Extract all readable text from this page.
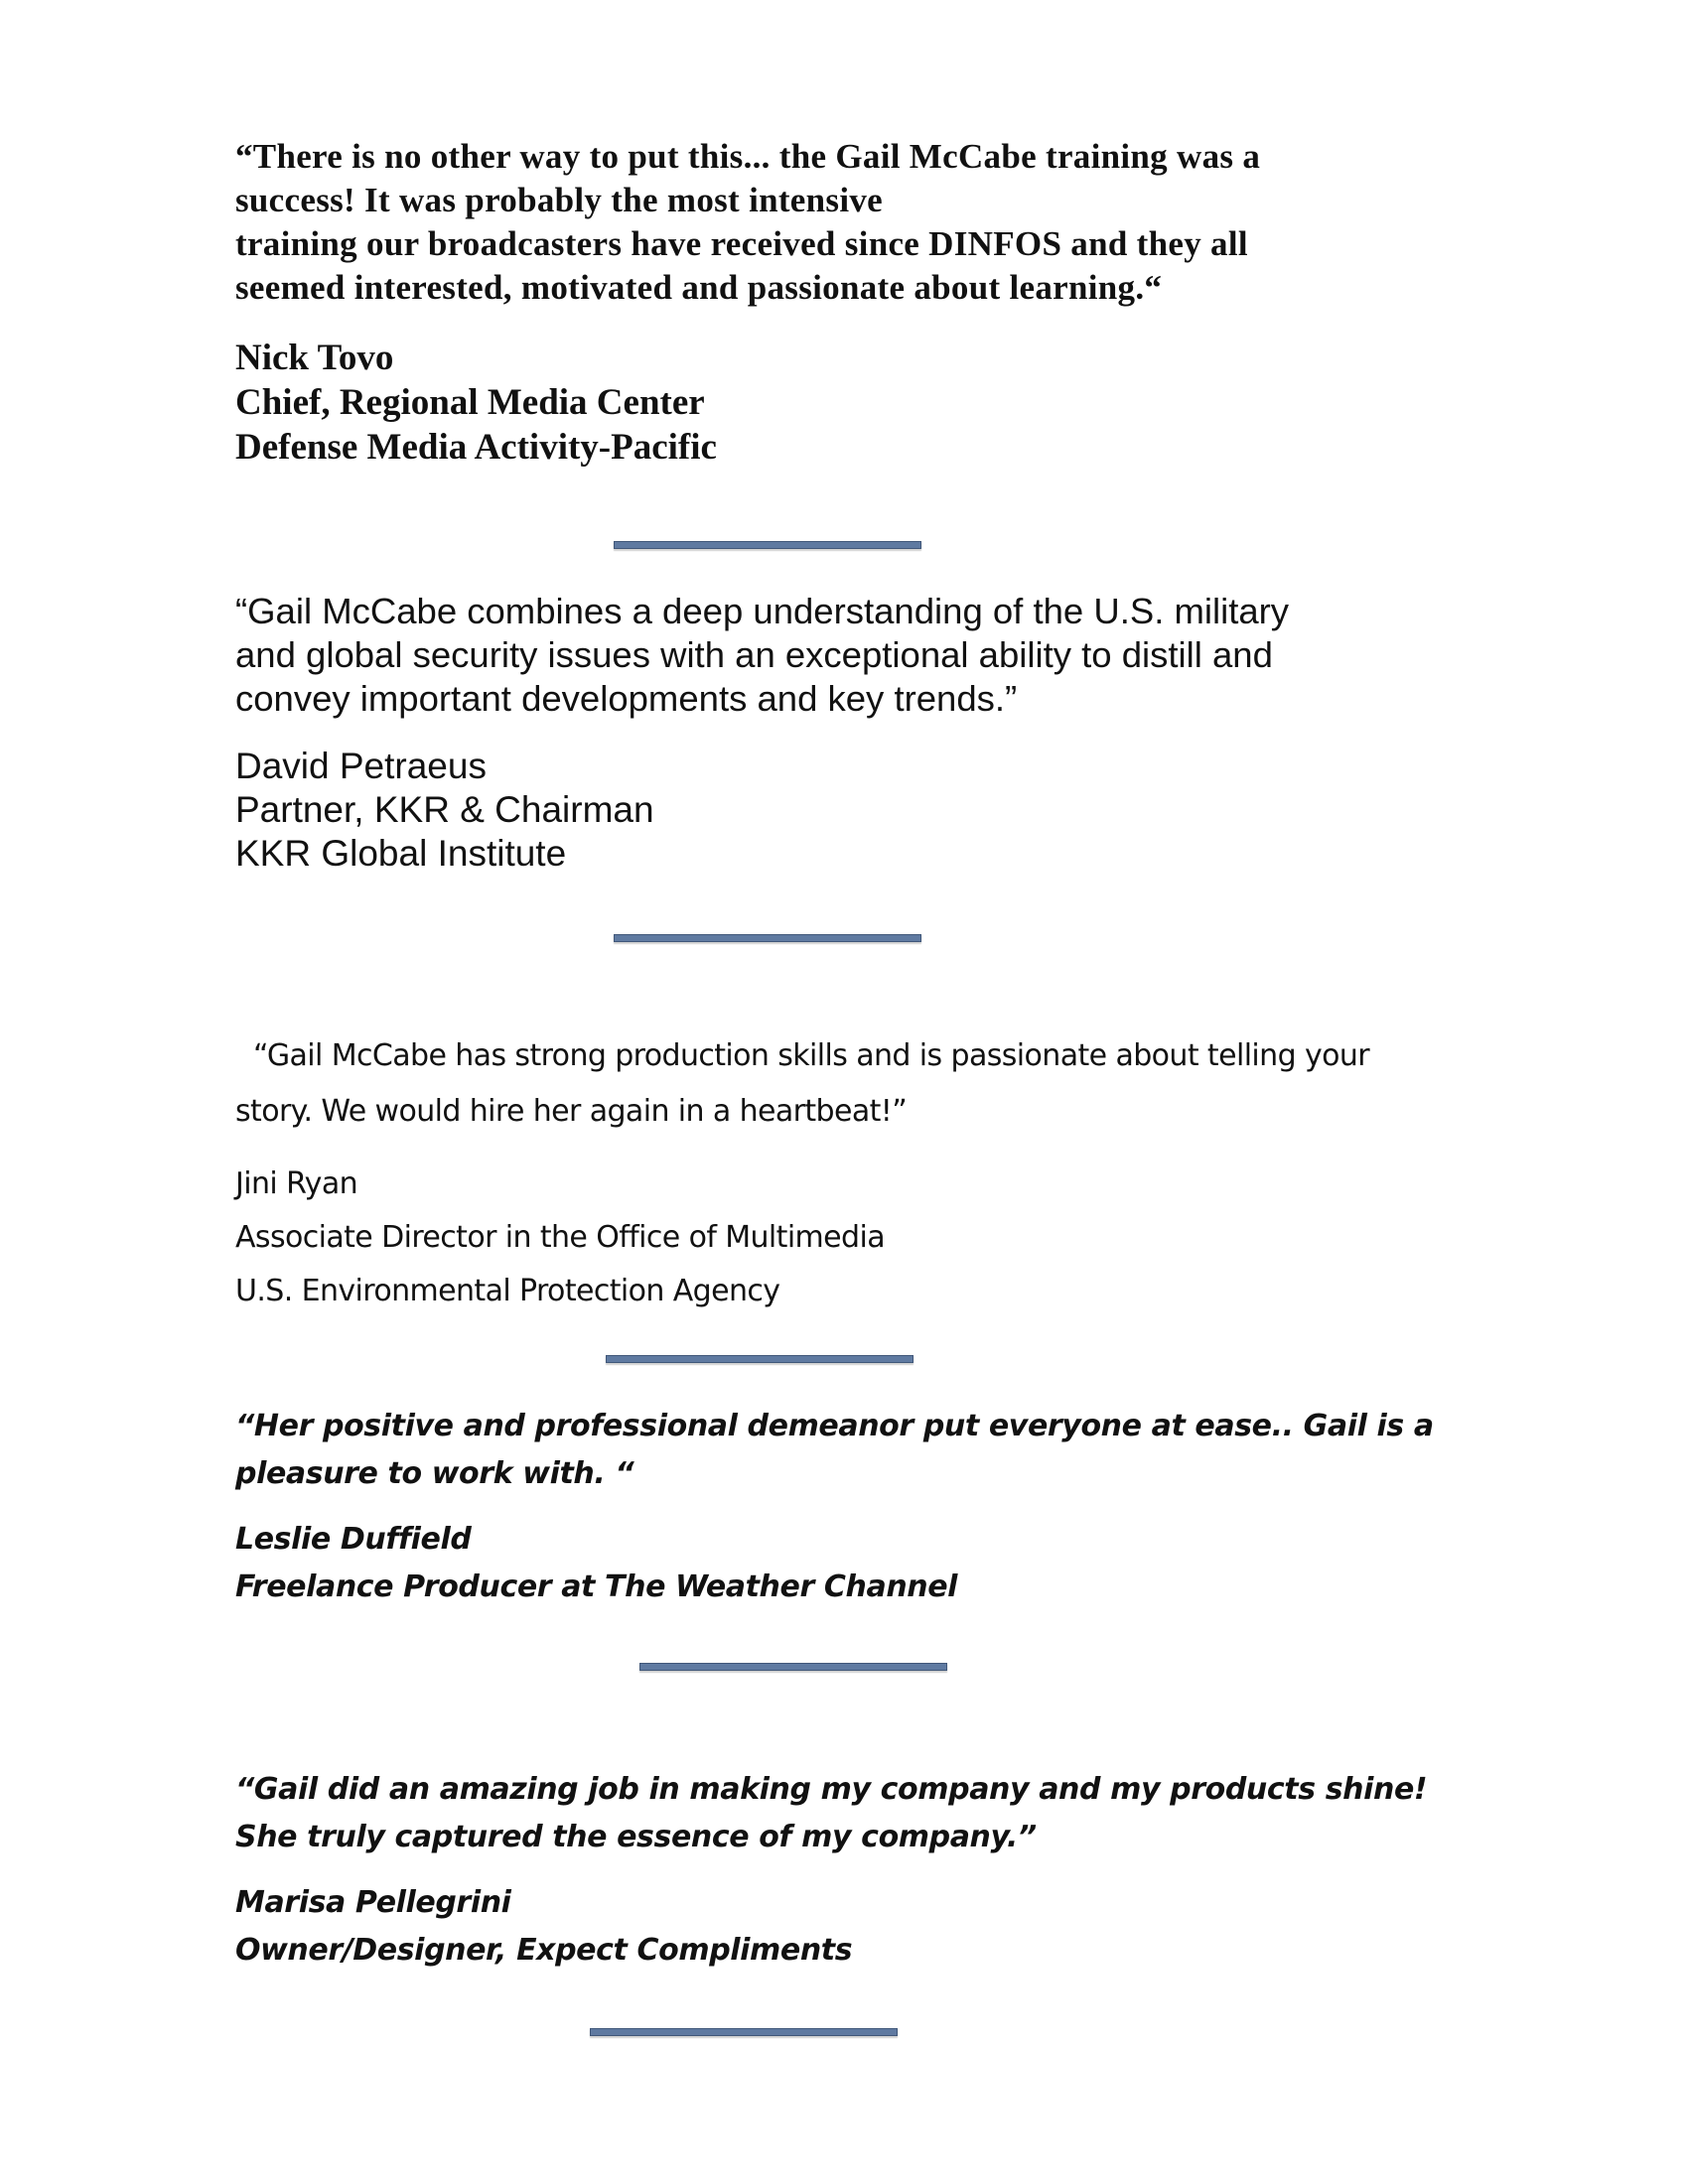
“There is no other way to put this... the Gail McCabe training was a
success! It was probably the most intensive
training our broadcasters have received since DINFOS and they all
seemed interested, motivated and passionate about learning.“
Nick Tovo
Chief, Regional Media Center
Defense Media Activity-Pacific
“Gail McCabe combines a deep understanding of the U.S. military
and global security issues with an exceptional ability to distill and
convey important developments and key trends.”
David Petraeus
Partner, KKR & Chairman
KKR Global Institute
“Gail McCabe has strong production skills and is passionate about telling your
story. We would hire her again in a heartbeat!”
Jini Ryan
Associate Director in the Office of Multimedia
U.S. Environmental Protection Agency
“Her positive and professional demeanor put everyone at ease.. Gail is a
pleasure to work with. “
Leslie Duffield
Freelance Producer at The Weather Channel
“Gail did an amazing job in making my company and my products shine!
She truly captured the essence of my company.”
Marisa Pellegrini
Owner/Designer, Expect Compliments
